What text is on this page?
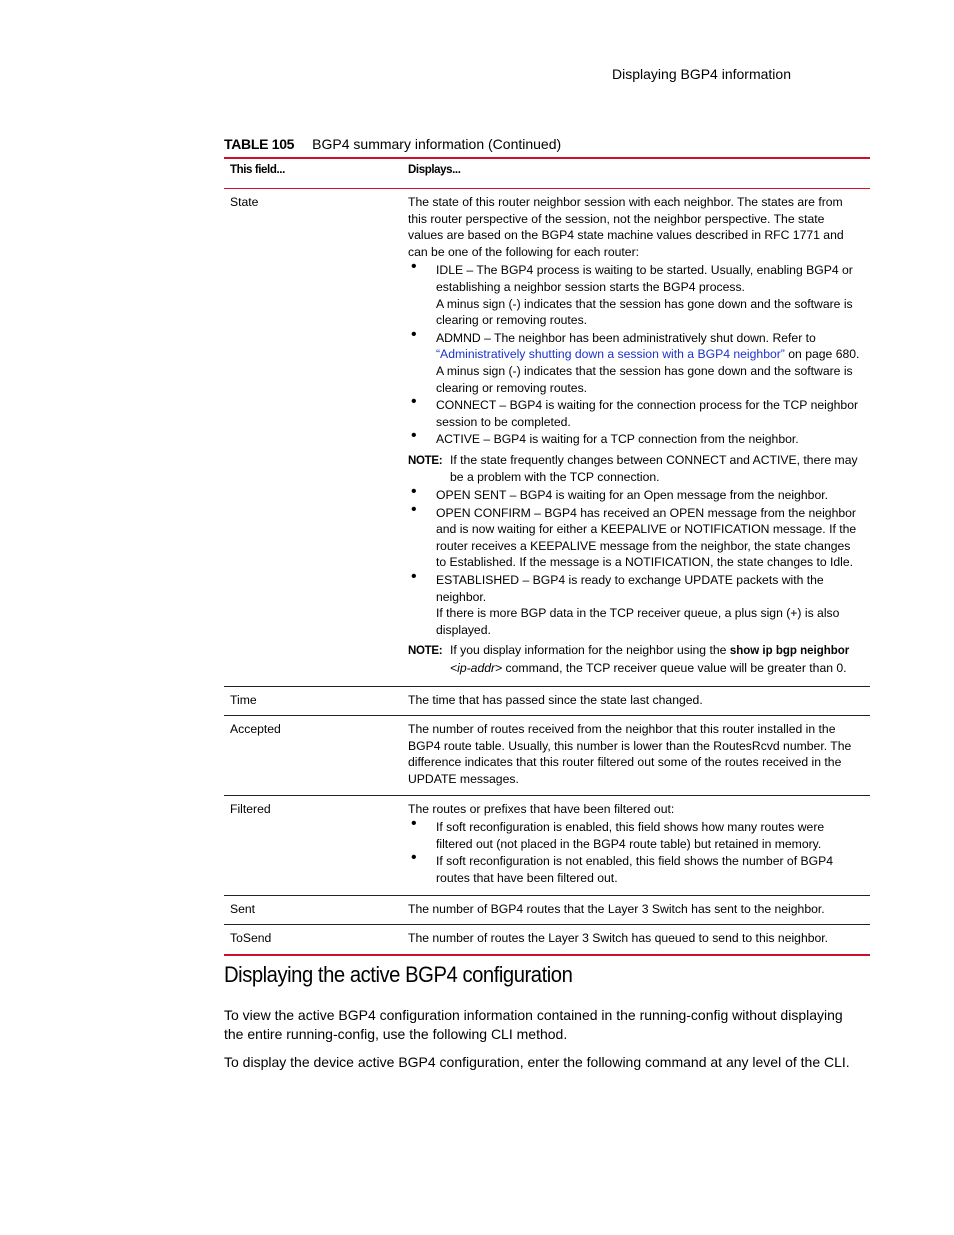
Displaying BGP4 information
TABLE 105 BGP4 summary information (Continued)
This field...	Displays...
State	The state of this router neighbor session with each neighbor. The states are from this router perspective of the session, not the neighbor perspective. The state values are based on the BGP4 state machine values described in RFC 1771 and can be one of the following for each router:

• IDLE – The BGP4 process is waiting to be started. Usually, enabling BGP4 or establishing a neighbor session starts the BGP4 process.

A minus sign (-) indicates that the session has gone down and the software is clearing or removing routes.

• ADMND – The neighbor has been administratively shut down. Refer to “Administratively shutting down a session with a BGP4 neighbor” on page 680.

A minus sign (-) indicates that the session has gone down and the software is clearing or removing routes.

• CONNECT – BGP4 is waiting for the connection process for the TCP neighbor session to be completed.

• ACTIVE – BGP4 is waiting for a TCP connection from the neighbor.

NOTE: If the state frequently changes between CONNECT and ACTIVE, there may be a problem with the TCP connection.

• OPEN SENT – BGP4 is waiting for an Open message from the neighbor.

• OPEN CONFIRM – BGP4 has received an OPEN message from the neighbor and is now waiting for either a KEEPALIVE or NOTIFICATION message. If the router receives a KEEPALIVE message from the neighbor, the state changes to Established. If the message is a NOTIFICATION, the state changes to Idle.

• ESTABLISHED – BGP4 is ready to exchange UPDATE packets with the neighbor.

If there is more BGP data in the TCP receiver queue, a plus sign (+) is also displayed.

NOTE: If you display information for the neighbor using the show ip bgp neighbor <ip-addr> command, the TCP receiver queue value will be greater than 0.
Time	The time that has passed since the state last changed.
Accepted	The number of routes received from the neighbor that this router installed in the BGP4 route table. Usually, this number is lower than the RoutesRcvd number. The difference indicates that this router filtered out some of the routes received in the UPDATE messages.
Filtered	The routes or prefixes that have been filtered out:

• If soft reconfiguration is enabled, this field shows how many routes were filtered out (not placed in the BGP4 route table) but retained in memory.

• If soft reconfiguration is not enabled, this field shows the number of BGP4 routes that have been filtered out.

Sent	The number of BGP4 routes that the Layer 3 Switch has sent to the neighbor.
ToSend	The number of routes the Layer 3 Switch has queued to send to this neighbor.
Displaying the active BGP4 configuration

To view the active BGP4 configuration information contained in the running-config without displaying the entire running-config, use the following CLI method.

To display the device active BGP4 configuration, enter the following command at any level of the CLI.
